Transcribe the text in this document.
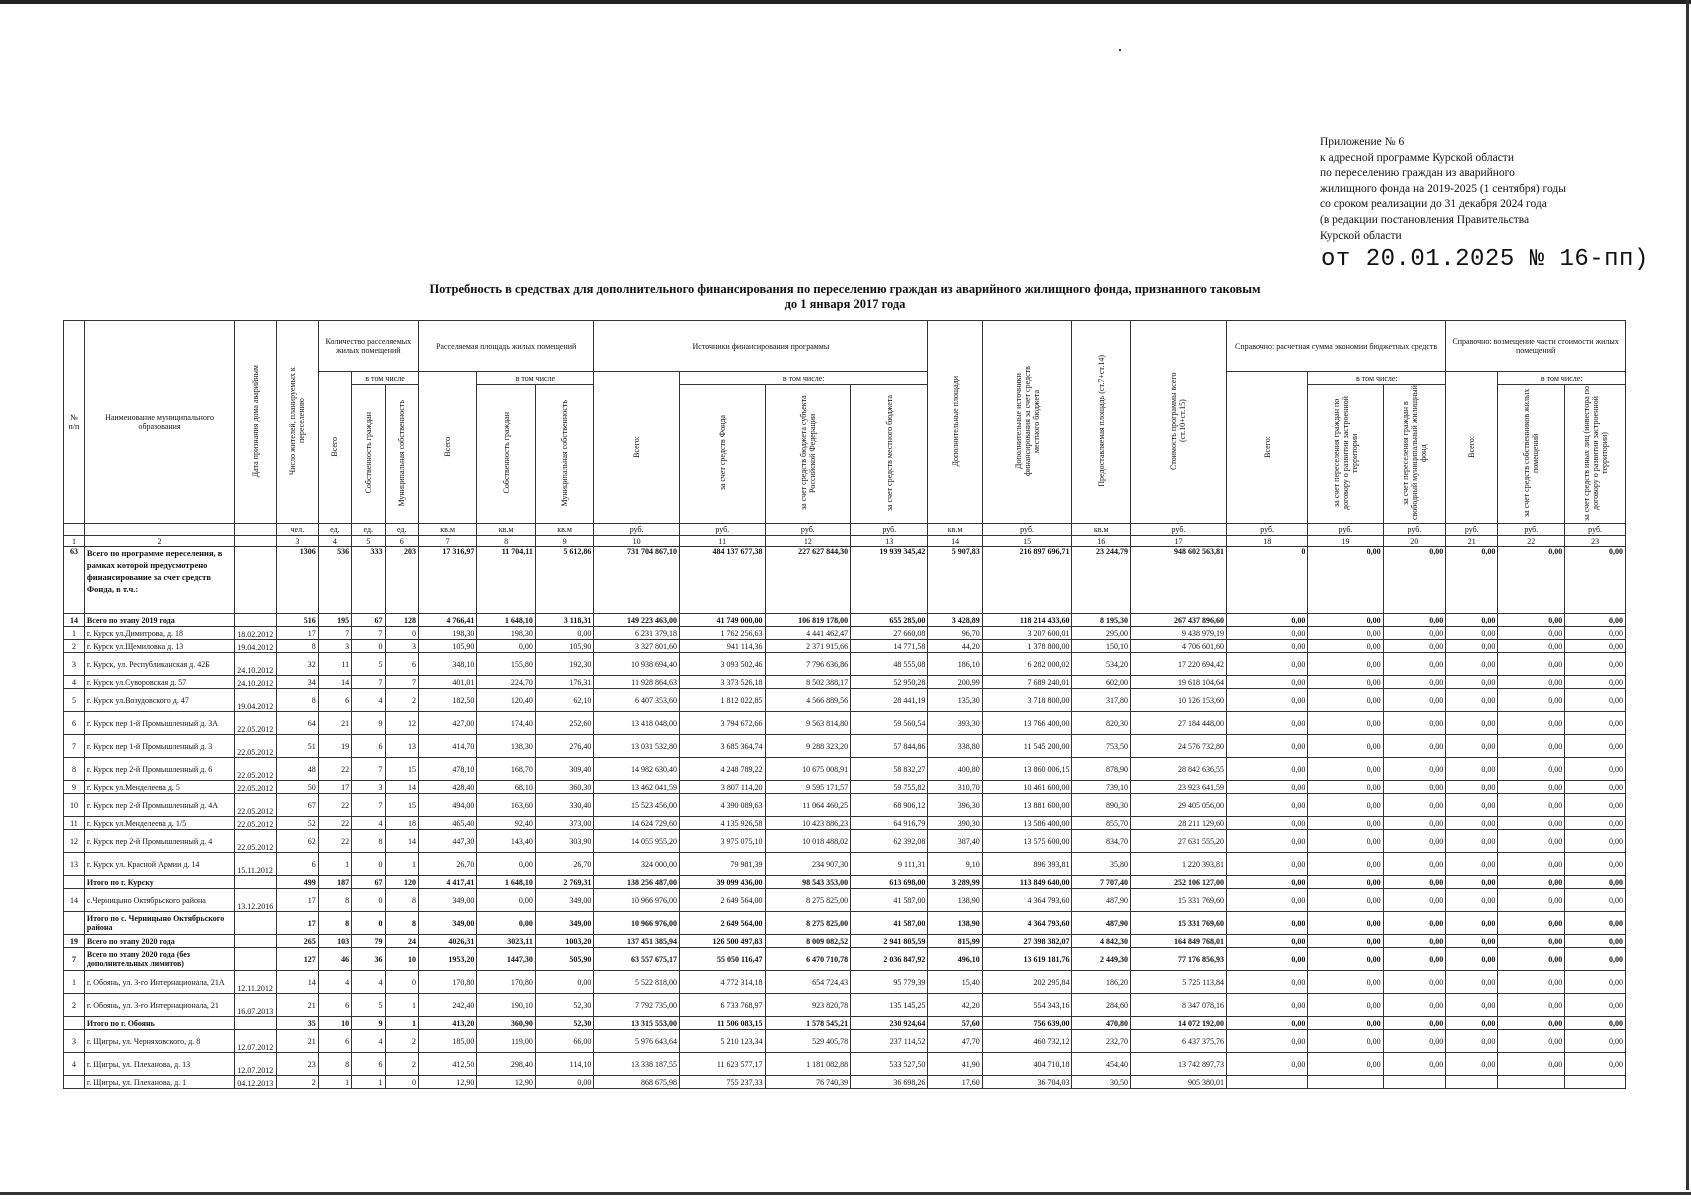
Приложение № 6
к адресной программе Курской области
по переселению граждан из аварийного
жилищного фонда на 2019-2025 (1 сентября) годы
со сроком реализации до 31 декабря 2024 года
(в редакции постановления Правительства
Курской области
от 20.01.2025 № 16-пп)
Потребность в средствах для дополнительного финансирования по переселению граждан из аварийного жилищного фонда, признанного таковым
до 1 января 2017 года
№ п/п	Наименование муниципального образования	Дата признания дома аварийным	Число жителей, планируемых к переселению	Количество расселяемых жилых помещений			Расселяемая площадь жилых помещений			Источники финансирования программы				Дополнительные площади	Дополнительные источники финансирования за счет средств местного бюджета	Предоставляемая площадь (ст.7+ст.14)	Стоимость программы всего (ст.10+ст.15)	Справочно: расчетная сумма экономии бюджетных средств			Справочно: возмещение части стоимости жилых помещений		
				Всего	в том числе		Всего	в том числе		Всего:	в том числе:							Всего:	в том числе:		Всего:	в том числе:	
					Собственность граждан	Муниципальная собственность		Собственность граждан	Муниципальная собственность		за счет средств Фонда	за счет средств бюджета субъекта Российской Федерации	за счет средств местного бюджета						за счет переселения граждан по договору о развитии застроенной территории	за счет переселения граждан в свободный муниципальный жилищный фонд		за счет средств собственников жилых помещений	за счет средств иных лиц (инвестора по договору о развитии застроенной территории)
			чел.	ед.	ед.	ед.	кв.м	кв.м	кв.м	руб.	руб.	руб.	руб.	кв.м	руб.	кв.м	руб.	руб.	руб.	руб.	руб.	руб.	руб.
1	2		3	4	5	6	7	8	9	10	11	12	13	14	15	16	17	18	19	20	21	22	23
63	Всего по программе переселения, в рамках которой предусмотрено финансирование за счет средств Фонда, в т.ч.:		1306	536	333	203	17 316,97	11 704,11	5 612,86	731 704 867,10	484 137 677,38	227 627 844,30	19 939 345,42	5 907,83	216 897 696,71	23 244,79	948 602 563,81	0	0,00	0,00	0,00	0,00	0,00
14	Всего по этапу 2019 года		516	195	67	128	4 766,41	1 648,10	3 118,31	149 223 463,00	41 749 000,00	106 819 178,00	655 285,00	3 428,89	118 214 433,60	8 195,30	267 437 896,60	0,00	0,00	0,00	0,00	0,00	0,00
1	г. Курск ул.Димитрова, д. 18	18.02.2012	17	7	7	0	198,30	198,30	0,00	6 231 379,18	1 762 256,63	4 441 462,47	27 660,08	96,70	3 207 600,01	295,00	9 438 979,19	0,00	0,00	0,00	0,00	0,00	0,00
2	г. Курск ул.Щемиловка д. 13	19.04.2012	8	3	0	3	105,90	0,00	105,90	3 327 801,60	941 114,36	2 371 915,66	14 771,58	44,20	1 378 800,00	150,10	4 706 601,60	0,00	0,00	0,00	0,00	0,00	0,00
3	г. Курск, ул. Республиканская д. 42Б	24.10.2012	32	11	5	6	348,10	155,80	192,30	10 938 694,40	3 093 502,46	7 796 636,86	48 555,08	186,10	6 282 000,02	534,20	17 220 694,42	0,00	0,00	0,00	0,00	0,00	0,00
4	г. Курск ул.Суворовская д. 57	24.10.2012	34	14	7	7	401,01	224,70	176,31	11 928 864,63	3 373 526,18	8 502 388,17	52 950,28	200,99	7 689 240,01	602,00	19 618 104,64	0,00	0,00	0,00	0,00	0,00	0,00
5	г. Курск ул.Возудовского д. 47	19.04.2012	8	6	4	2	182,50	120,40	62,10	6 407 353,60	1 812 022,85	4 566 889,56	28 441,19	135,30	3 718 800,00	317,80	10 126 153,60	0,00	0,00	0,00	0,00	0,00	0,00
6	г. Курск пер 1-й Промышленный д. 3А	22.05.2012	64	21	9	12	427,00	174,40	252,60	13 418 048,00	3 794 672,66	9 563 814,80	59 560,54	393,30	13 766 400,00	820,30	27 184 448,00	0,00	0,00	0,00	0,00	0,00	0,00
7	г. Курск пер 1-й Промышленный д. 3	22.05.2012	51	19	6	13	414,70	138,30	276,40	13 031 532,80	3 685 364,74	9 288 323,20	57 844,86	338,80	11 545 200,00	753,50	24 576 732,80	0,00	0,00	0,00	0,00	0,00	0,00
8	г. Курск пер 2-й Промышленный д. 6	22.05.2012	48	22	7	15	478,10	168,70	309,40	14 982 630,40	4 248 789,22	10 675 008,91	58 832,27	400,80	13 860 006,15	878,90	28 842 636,55	0,00	0,00	0,00	0,00	0,00	0,00
9	г. Курск ул.Менделеева д. 5	22.05.2012	50	17	3	14	428,40	68,10	360,30	13 462 041,59	3 807 114,20	9 595 171,57	59 755,82	310,70	10 461 600,00	739,10	23 923 641,59	0,00	0,00	0,00	0,00	0,00	0,00
10	г. Курск пер 2-й Промышленный д. 4А	22.05.2012	67	22	7	15	494,00	163,60	330,40	15 523 456,00	4 390 089,63	11 064 460,25	68 906,12	396,30	13 881 600,00	890,30	29 405 056,00	0,00	0,00	0,00	0,00	0,00	0,00
11	г. Курск ул.Менделеева д. 1/5	22.05.2012	52	22	4	18	465,40	92,40	373,00	14 624 729,60	4 135 926,58	10 423 886,23	64 916,79	390,30	13 586 400,00	855,70	28 211 129,60	0,00	0,00	0,00	0,00	0,00	0,00
12	г. Курск пер 2-й Промышленный д. 4	22.05.2012	62	22	8	14	447,30	143,40	303,90	14 055 955,20	3 975 075,10	10 018 488,02	62 392,08	387,40	13 575 600,00	834,70	27 631 555,20	0,00	0,00	0,00	0,00	0,00	0,00
13	г. Курск ул. Красной Армии д. 14	15.11.2012	6	1	0	1	26,70	0,00	26,70	324 000,00	79 981,39	234 907,30	9 111,31	9,10	896 393,81	35,80	1 220 393,81	0,00	0,00	0,00	0,00	0,00	0,00
	Итого по г. Курску		499	187	67	120	4 417,41	1 648,10	2 769,31	138 256 487,00	39 099 436,00	98 543 353,00	613 698,00	3 289,99	113 849 640,00	7 707,40	252 106 127,00	0,00	0,00	0,00	0,00	0,00	0,00
14	с.Черницыно Октябрьского района	13.12.2016	17	8	0	8	349,00	0,00	349,00	10 966 976,00	2 649 564,00	8 275 825,00	41 587,00	138,90	4 364 793,60	487,90	15 331 769,60	0,00	0,00	0,00	0,00	0,00	0,00
	Итого по с. Черницыно Октябрьского района		17	8	0	8	349,00	0,00	349,00	10 966 976,00	2 649 564,00	8 275 825,00	41 587,00	138,90	4 364 793,60	487,90	15 331 769,60	0,00	0,00	0,00	0,00	0,00	0,00
19	Всего по этапу 2020 года		265	103	79	24	4026,31	3023,11	1003,20	137 451 385,94	126 500 497,83	8 009 082,52	2 941 805,59	815,99	27 398 382,07	4 842,30	164 849 768,01	0,00	0,00	0,00	0,00	0,00	0,00
7	Всего по этапу 2020 года (без дополнительных лимитов)		127	46	36	10	1953,20	1447,30	505,90	63 557 675,17	55 050 116,47	6 470 710,78	2 036 847,92	496,10	13 619 181,76	2 449,30	77 176 856,93	0,00	0,00	0,00	0,00	0,00	0,00
1	г. Обоянь, ул. 3-го Интернационала, 21А	12.11.2012	14	4	4	0	170,80	170,80	0,00	5 522 818,00	4 772 314,18	654 724,43	95 779,39	15,40	202 295,84	186,20	5 725 113,84	0,00	0,00	0,00	0,00	0,00	0,00
2	г. Обоянь, ул. 3-го Интернационала, 21	16.07.2013	21	6	5	1	242,40	190,10	52,30	7 792 735,00	6 733 768,97	923 820,78	135 145,25	42,20	554 343,16	284,60	8 347 078,16	0,00	0,00	0,00	0,00	0,00	0,00
	Итого по г. Обоянь		35	10	9	1	413,20	360,90	52,30	13 315 553,00	11 506 083,15	1 578 545,21	230 924,64	57,60	756 639,00	470,80	14 072 192,00	0,00	0,00	0,00	0,00	0,00	0,00
3	г. Щигры, ул. Черняховского, д. 8	12.07.2012	21	6	4	2	185,00	119,00	66,00	5 976 643,64	5 210 123,34	529 405,78	237 114,52	47,70	460 732,12	232,70	6 437 375,76	0,00	0,00	0,00	0,00	0,00	0,00
4	г. Щигры, ул. Плеханова, д. 13	12.07.2012	23	8	6	2	412,50	298,40	114,10	13 338 187,55	11 623 577,17	1 181 082,88	533 527,50	41,90	404 710,18	454,40	13 742 897,73	0,00	0,00	0,00	0,00	0,00	0,00
	г. Щигры, ул. Плеханова, д. 1	04.12.2013	2	1	1	0	12,90	12,90	0,00	868 675,98	755 237,33	76 740,39	36 698,26	17,60	36 704,03	30,50	905 380,01						
